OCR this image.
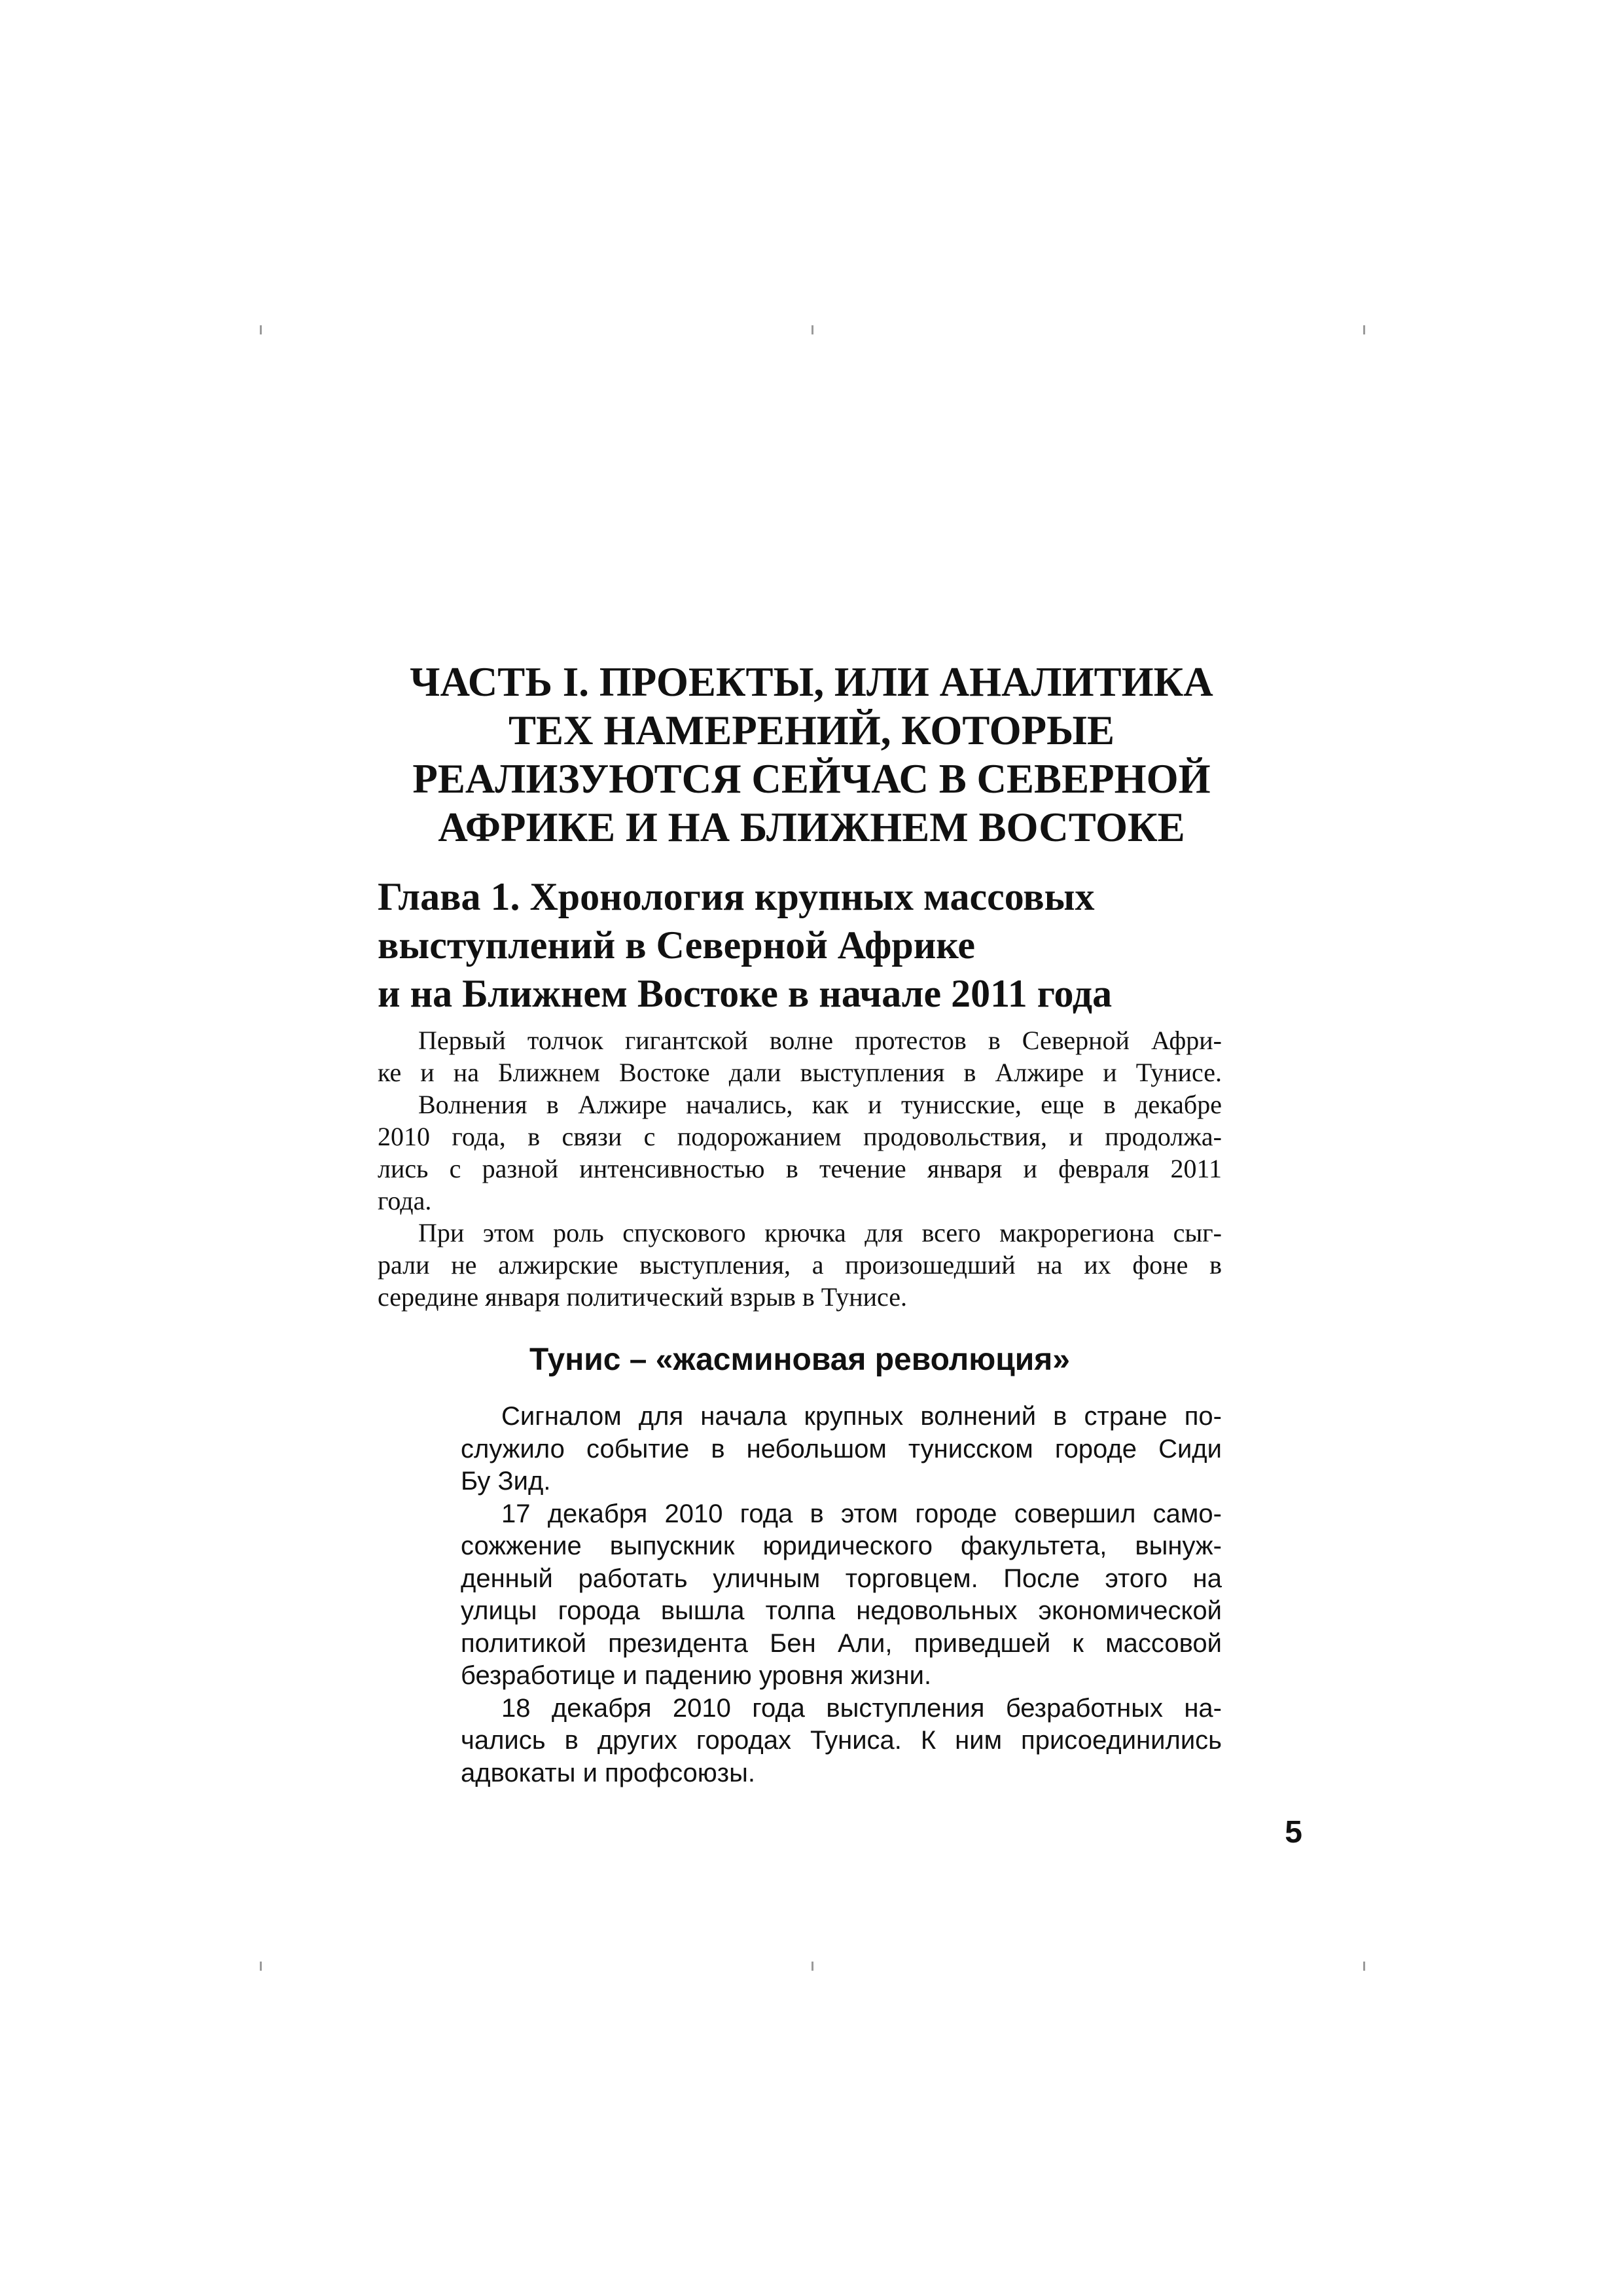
ЧАСТЬ I. ПРОЕКТЫ, ИЛИ АНАЛИТИКА
ТЕХ НАМЕРЕНИЙ, КОТОРЫЕ
РЕАЛИЗУЮТСЯ СЕЙЧАС В СЕВЕРНОЙ
АФРИКЕ И НА БЛИЖНЕМ ВОСТОКЕ
Глава 1. Хронология крупных массовых
выступлений в Северной Африке
и на Ближнем Востоке в начале 2011 года
Первый толчок гигантской волне протестов в Северной Афри-
ке и на Ближнем Востоке дали выступления в Алжире и Тунисе.
Волнения в Алжире начались, как и тунисские, еще в декабре
2010 года, в связи с подорожанием продовольствия, и продолжа-
лись с разной интенсивностью в течение января и февраля 2011
года.
При этом роль спускового крючка для всего макрорегиона сыг-
рали не алжирские выступления, а произошедший на их фоне в
середине января политический взрыв в Тунисе.
Тунис – «жасминовая революция»
Сигналом для начала крупных волнений в стране по-
служило событие в небольшом тунисском городе Сиди
Бу Зид.
17 декабря 2010 года в этом городе совершил само-
сожжение выпускник юридического факультета, вынуж-
денный работать уличным торговцем. После этого на
улицы города вышла толпа недовольных экономической
политикой президента Бен Али, приведшей к массовой
безработице и падению уровня жизни.
18 декабря 2010 года выступления безработных на-
чались в других городах Туниса. К ним присоединились
адвокаты и профсоюзы.
5
